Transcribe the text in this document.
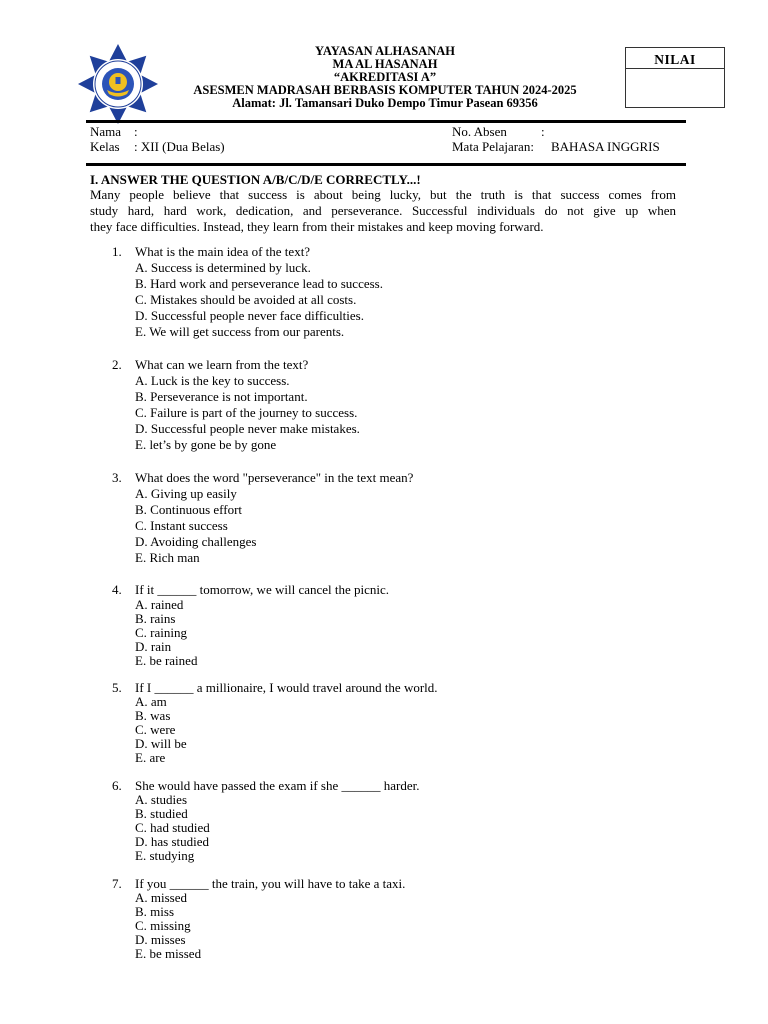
YAYASAN ALHASANAH
MA AL HASANAH
“AKREDITASI A”
ASESMEN MADRASAH BERBASIS KOMPUTER TAHUN 2024-2025
Alamat: Jl. Tamansari Duko Dempo Timur Pasean 69356
NILAI
Nama :
Kelas : XII (Dua Belas)
No. Absen	:
Mata Pelajaran: BAHASA INGGRIS
I. ANSWER THE QUESTION A/B/C/D/E CORRECTLY...!
Many people believe that success is about being lucky, but the truth is that success comes from
study hard, hard work, dedication, and perseverance. Successful individuals do not give up when
they face difficulties. Instead, they learn from their mistakes and keep moving forward.
1. What is the main idea of the text?
A. Success is determined by luck.
B. Hard work and perseverance lead to success.
C. Mistakes should be avoided at all costs.
D. Successful people never face difficulties.
E. We will get success from our parents.
2. What can we learn from the text?
A. Luck is the key to success.
B. Perseverance is not important.
C. Failure is part of the journey to success.
D. Successful people never make mistakes.
E. let’s by gone be by gone
3. What does the word "perseverance" in the text mean?
A. Giving up easily
B. Continuous effort
C. Instant success
D. Avoiding challenges
E. Rich man
4. If it ______ tomorrow, we will cancel the picnic.
A. rained
B. rains
C. raining
D. rain
E. be rained
5. If I ______ a millionaire, I would travel around the world.
A. am
B. was
C. were
D. will be
E. are
6. She would have passed the exam if she ______ harder.
A. studies
B. studied
C. had studied
D. has studied
E. studying
7. If you ______ the train, you will have to take a taxi.
A. missed
B. miss
C. missing
D. misses
E. be missed
